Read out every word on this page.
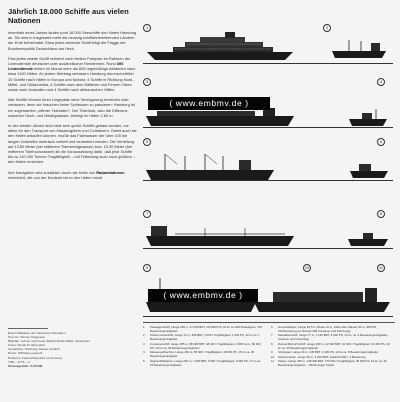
Jährlich 18.000 Schiffe aus vielen Nationen

Innerhalb eines Jahres laufen rund 18 000 Seeschiffe den Hafen Hamburg an. Sie sind in insgesamt mehr als neunzig schiffahrtstreibenden Ländern der Erde beheimatet. Etwa jedes siebente Schiff trägt die Flagge der Bundesrepublik Deutschland am Heck.

Fast jedes zweite Schiff verkehrt nach festem Fahrplan im Rahmen der Liniendienste deutscher oder ausländischer Reedereien. Rund 300 Liniendienste bieten im Monat mehr als 600 regelmäßige Abfahrten nach etwa 1100 Häfen. An jedem Werktag verlassen Hamburg durchschnittlich 10 Schiffe nach Häfen in Europa und Nahost, 4 Schiffe in Richtung Nord-, Mittel- und Südamerika, 4 Schiffe nach dem Mittleren und Fernen Osten sowie nach Australien und 4 Schiffe nach afrikanischen Häfen.

Alle Schiffe können ihren Liegeplatz ohne Verzögerung erreichen oder verlassen, denn sie brauchen keine Schleusen zu passieren: Hamburg ist ein sogenannter „offener Tidehafen“. Der Tidenhub, also die Differenz zwischen Hoch- und Niedrigwasser, beträgt im Hafen 2,80 m.

In den letzten Jahren sind viele sehr große Schiffe gebaut worden, vor allem für den Transport von Massengütern und Containern. Damit auch sie den Hafen anlaufen können, mußte das Fahrwasser der über 100 km langen Unterelbe mehrfach vertieft und verbreitert werden. Die Vertiefung auf 13,50 Meter (bei mittlerem Tideniedrigwasser) bzw. 15,30 Meter (bei mittlerem Tidehochwasser) ist die Voraussetzung dafür, daß jetzt Schiffe bis zu 110 000 Tonnen Tragfähigkeit – mit Teilladung auch noch größere – den Hafen erreichen.

Ihre Navigation wird zusätzlich durch die Kette von Radarstationen erleichtert, die von der Nordsee bis in den Hafen reicht.

Eine Publikation der Hamburg-Information
Text: Dr. Werner Klugmann
Bildplan: Lehner und Freies Maler/Harald Müller, Söderstorf
Fotos: Studio M. Ehrenfeld
Gestaltung: Hamburg, Messe-Verlach
Druck: Offizielle Leporelli
Printed in Federal Republic of Germany
7/85 – 4775 – d
Schutzgebühr: 0,50 DM
1	2
3	4
5	6
7	8
9	10	11
( www.embmv.de )
( www.embmv.de )
1	Passagierschiff, Länge 180 m, 27 000 BRT, 16,5000 PS, 22 kn ca. 800 Passagiere, 370 Besatzungsmitglieder
2	Küstenmotorschiff, Länge 72 m, 499 BRT, 1 000 t Tragfähigkeit, 1 400 PS, 12 kn ca. 7 Besatzungsmitglieder
3	Containerschiff, Länge 285 m, 58 000 BRT, 48 400 t Tragfähigkeit, 2 668 Cont., 80 000 PS, 26 kn ca. 40 Besatzungsmitglieder
4	Massengutfrachter, Länge 260 m, 58 000 t Tragfähigkeit, 18 000 PS, 15 kn ca. 30 Besatzungsmitglieder
5	Ölgutschiffstanker, Länge 290 m, 7 000 BRT, 9 500 t Tragfähigkeit, 9 000 PS, 17 kn ca. 25 Besatzungsmitglieder
6	Gemeinkleiner, Länge 84,5 m, Breite 16 m, Höhe über Wasser 30 m, 880 PS, Förderleistung pro Stunde 400 Container und Fahrzeuge
7	Seebäderschiff, Länge 77 m, 1 140 BRT, 4 000 PS, 13 kn, ca. 6 Besatzungsmitglieder, Volumen und Umschlag
8	Roll-on/Roll-off-Schiff, Länge 209 m, 22 000 BRT, 22 000 t Tragfähigkeit, 31 000 PS, 20 kn ca. 25 Besatzungsmitglieder
9	Schlepper, Länge 30 m, 235 BRT, 2 400 PS, 12 kn ca. 5 Besatzungsmitglieder
10	Schwimmkran, Länge 50 m, 3 000 BRT, Hubkraft 200 t, 4 Besatzung
11	Tanker, Länge 325 m, 138 000 BRT, 275 000 t Tragfähigkeit, 36 000 PS, 16 kn ca. 30 Besatzungsmitglieder – Welttonnage Tanker
